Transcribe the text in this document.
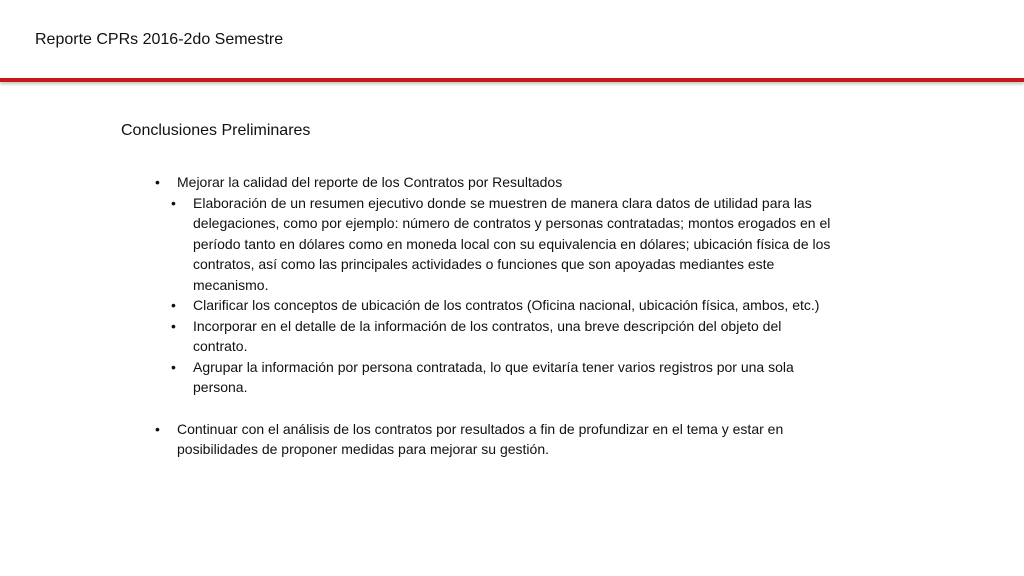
Reporte CPRs 2016-2do Semestre
Conclusiones Preliminares
• Mejorar la calidad del reporte de los Contratos por Resultados
• Elaboración de un resumen ejecutivo donde se muestren de manera clara datos de utilidad para las delegaciones, como por ejemplo: número de contratos y personas contratadas; montos erogados en el período tanto en dólares como en moneda local con su equivalencia en dólares; ubicación física de los contratos, así como las principales actividades o funciones que son apoyadas mediantes este mecanismo.
• Clarificar los conceptos de ubicación de los contratos (Oficina nacional, ubicación física, ambos, etc.)
• Incorporar en el detalle de la información de los contratos, una breve descripción del objeto del contrato.
• Agrupar la información por persona contratada, lo que evitaría tener varios registros por una sola persona.
• Continuar con el análisis de los contratos por resultados a fin de profundizar en el tema y estar en posibilidades de proponer medidas para mejorar su gestión.
